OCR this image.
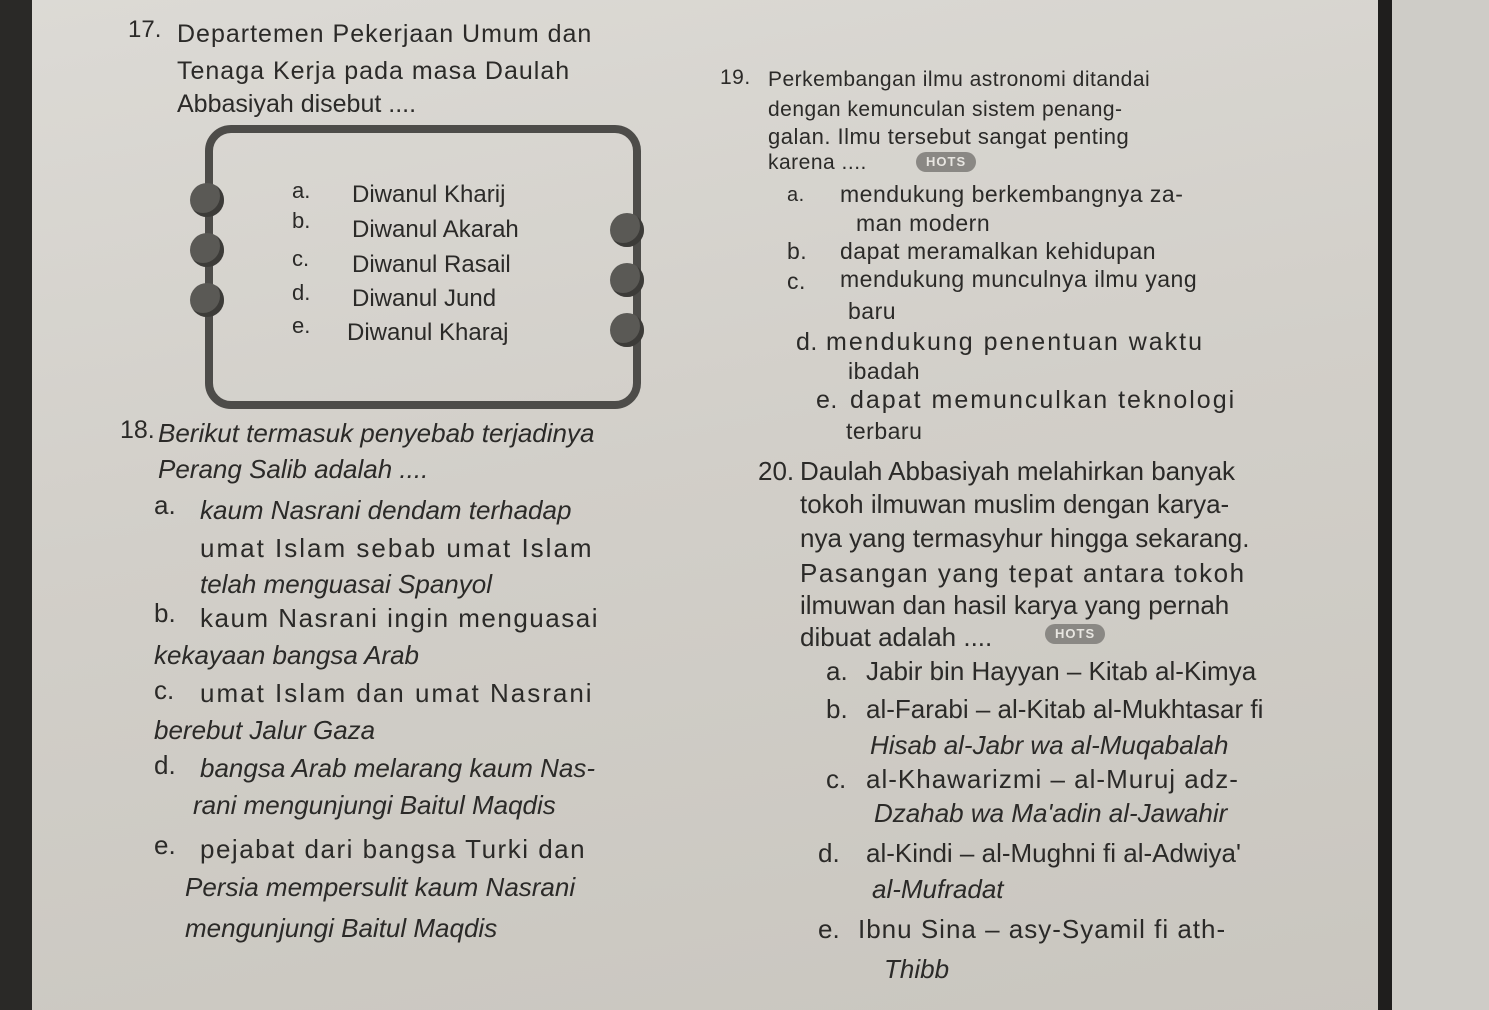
17. Departemen Pekerjaan Umum dan
Tenaga Kerja pada masa Daulah
Abbasiyah disebut ....
a. Diwanul Kharij
b. Diwanul Akarah
c. Diwanul Rasail
d. Diwanul Jund
e. Diwanul Kharaj
18. Berikut termasuk penyebab terjadinya
Perang Salib adalah ....
a. kaum Nasrani dendam terhadap
umat Islam sebab umat Islam
telah menguasai Spanyol
b. kaum Nasrani ingin menguasai
kekayaan bangsa Arab
c. umat Islam dan umat Nasrani
berebut Jalur Gaza
d. bangsa Arab melarang kaum Nas-
rani mengunjungi Baitul Maqdis
e. pejabat dari bangsa Turki dan
Persia mempersulit kaum Nasrani
mengunjungi Baitul Maqdis
19. Perkembangan ilmu astronomi ditandai
dengan kemunculan sistem penang-
galan. Ilmu tersebut sangat penting
karena ....	HOTS
a. mendukung berkembangnya za-
man modern
b. dapat meramalkan kehidupan
c. mendukung munculnya ilmu yang
baru
d. mendukung penentuan waktu
ibadah
e. dapat memunculkan teknologi
terbaru
20. Daulah Abbasiyah melahirkan banyak
tokoh ilmuwan muslim dengan karya-
nya yang termasyhur hingga sekarang.
Pasangan yang tepat antara tokoh
ilmuwan dan hasil karya yang pernah
dibuat adalah ....	HOTS
a. Jabir bin Hayyan – Kitab al-Kimya
b. al-Farabi – al-Kitab al-Mukhtasar fi
Hisab al-Jabr wa al-Muqabalah
c. al-Khawarizmi – al-Muruj adz-
Dzahab wa Ma'adin al-Jawahir
d. al-Kindi – al-Mughni fi al-Adwiya'
al-Mufradat
e. Ibnu Sina – asy-Syamil fi ath-
Thibb
